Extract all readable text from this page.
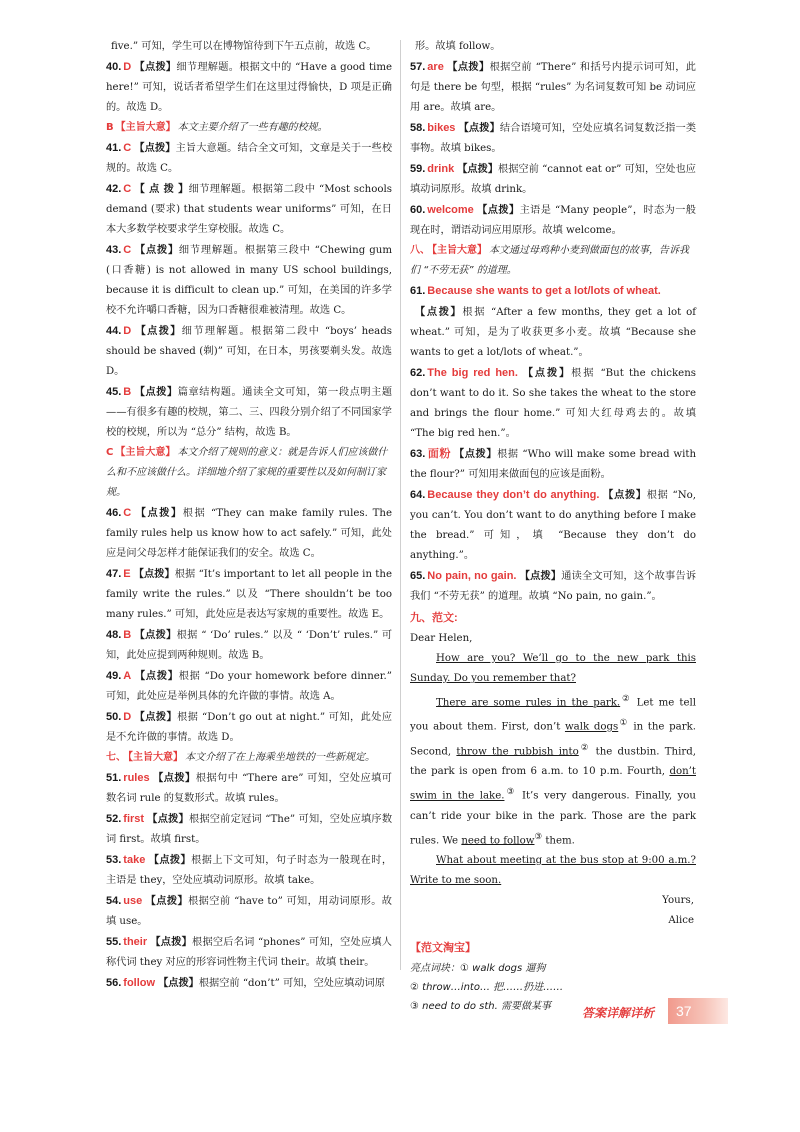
five.” 可知，学生可以在博物馆待到下午五点前，故选 C。
40. D 【点拨】细节理解题。根据文中的 “Have a good time here!” 可知，说话者希望学生们在这里过得愉快，D 项是正确的。故选 D。
B 【主旨大意】 本文主要介绍了一些有趣的校规。
41. C 【点拨】主旨大意题。结合全文可知，文章是关于一些校规的。故选 C。
42. C 【 点 拨 】细节理解题。根据第二段中 “Most schools demand (要求) that students wear uniforms” 可知，在日本大多数学校要求学生穿校服。故选 C。
43. C 【点拨】细节理解题。根据第三段中 “Chewing gum (口香糖) is not allowed in many US school buildings, because it is difficult to clean up.” 可知，在美国的许多学校不允许嚼口香糖，因为口香糖很难被清理。故选 C。
44. D 【点拨】细节理解题。根据第二段中 “boys’ heads should be shaved (剃)” 可知，在日本，男孩要剃头发。故选 D。
45. B 【点拨】篇章结构题。通读全文可知，第一段点明主题——有很多有趣的校规，第二、三、四段分别介绍了不同国家学校的校规，所以为 “总分” 结构，故选 B。
C 【主旨大意】 本文介绍了规则的意义：就是告诉人们应该做什么和不应该做什么。详细地介绍了家规的重要性以及如何制订家规。
46. C 【点拨】根据 “They can make family rules. The family rules help us know how to act safely.” 可知，此处应是问父母怎样才能保证我们的安全。故选 C。
47. E 【点拨】根据 “It’s important to let all people in the family write the rules.” 以及 “There shouldn’t be too many rules.” 可知，此处应是表达写家规的重要性。故选 E。
48. B 【点拨】根据 “ ‘Do’ rules.” 以及 “ ‘Don’t’ rules.” 可知，此处应提到两种规则。故选 B。
49. A 【点拨】根据 “Do your homework before dinner.” 可知，此处应是举例具体的允许做的事情。故选 A。
50. D 【点拨】根据 “Don’t go out at night.” 可知，此处应是不允许做的事情。故选 D。
七、 【主旨大意】 本文介绍了在上海乘坐地铁的一些新规定。
51. rules 【点拨】根据句中 “There are” 可知，空处应填可数名词 rule 的复数形式。故填 rules。
52. first 【点拨】根据空前定冠词 “The” 可知，空处应填序数词 first。故填 first。
53. take 【点拨】根据上下文可知，句子时态为一般现在时，主语是 they，空处应填动词原形。故填 take。
54. use 【点拨】根据空前 “have to” 可知，用动词原形。故填 use。
55. their 【点拨】根据空后名词 “phones” 可知，空处应填人称代词 they 对应的形容词性物主代词 their。故填 their。
56. follow 【点拨】根据空前 “don’t” 可知，空处应填动词原
形。故填 follow。
57. are 【点拨】根据空前 “There” 和括号内提示词可知，此句是 there be 句型，根据 “rules” 为名词复数可知 be 动词应用 are。故填 are。
58. bikes 【点拨】结合语境可知，空处应填名词复数泛指一类事物。故填 bikes。
59. drink 【点拨】根据空前 “cannot eat or” 可知，空处也应填动词原形。故填 drink。
60. welcome 【点拨】主语是 “Many people”，时态为一般现在时，谓语动词应用原形。故填 welcome。
八、 【主旨大意】 本文通过母鸡种小麦到做面包的故事，告诉我们 “不劳无获” 的道理。
61. Because she wants to get a lot/lots of wheat.
【点拨】根据 “After a few months, they get a lot of wheat.” 可知，是为了收获更多小麦。故填 “Because she wants to get a lot/lots of wheat.”。
62. The big red hen. 【点拨】根据 “But the chickens don’t want to do it. So she takes the wheat to the store and brings the flour home.” 可知大红母鸡去的。故填 “The big red hen.”。
63. 面粉 【点拨】根据 “Who will make some bread with the flour?” 可知用来做面包的应该是面粉。
64. Because they don’t do anything. 【点拨】根据 “No, you can’t. You don’t want to do anything before I make the bread.” 可知，填 “Because they don’t do anything.”。
65. No pain, no gain. 【点拨】通读全文可知，这个故事告诉我们 “不劳无获” 的道理。故填 “No pain, no gain.”。
九、范文:

Dear Helen,

How are you? We’ll go to the new park this Sunday. Do you remember that?

There are some rules in the park.② Let me tell you about them. First, don’t walk dogs① in the park. Second, throw the rubbish into② the dustbin. Third, the park is open from 6 a.m. to 10 p.m. Fourth, don’t swim in the lake.③ It’s very dangerous. Finally, you can’t ride your bike in the park. Those are the park rules. We need to follow③ them.

What about meeting at the bus stop at 9:00 a.m.? Write to me soon.

Yours,

Alice

【范文淘宝】
亮点词块：① walk dogs 遛狗
② throw…into… 把……扔进……
③ need to do sth. 需要做某事	答案详解详析	37
